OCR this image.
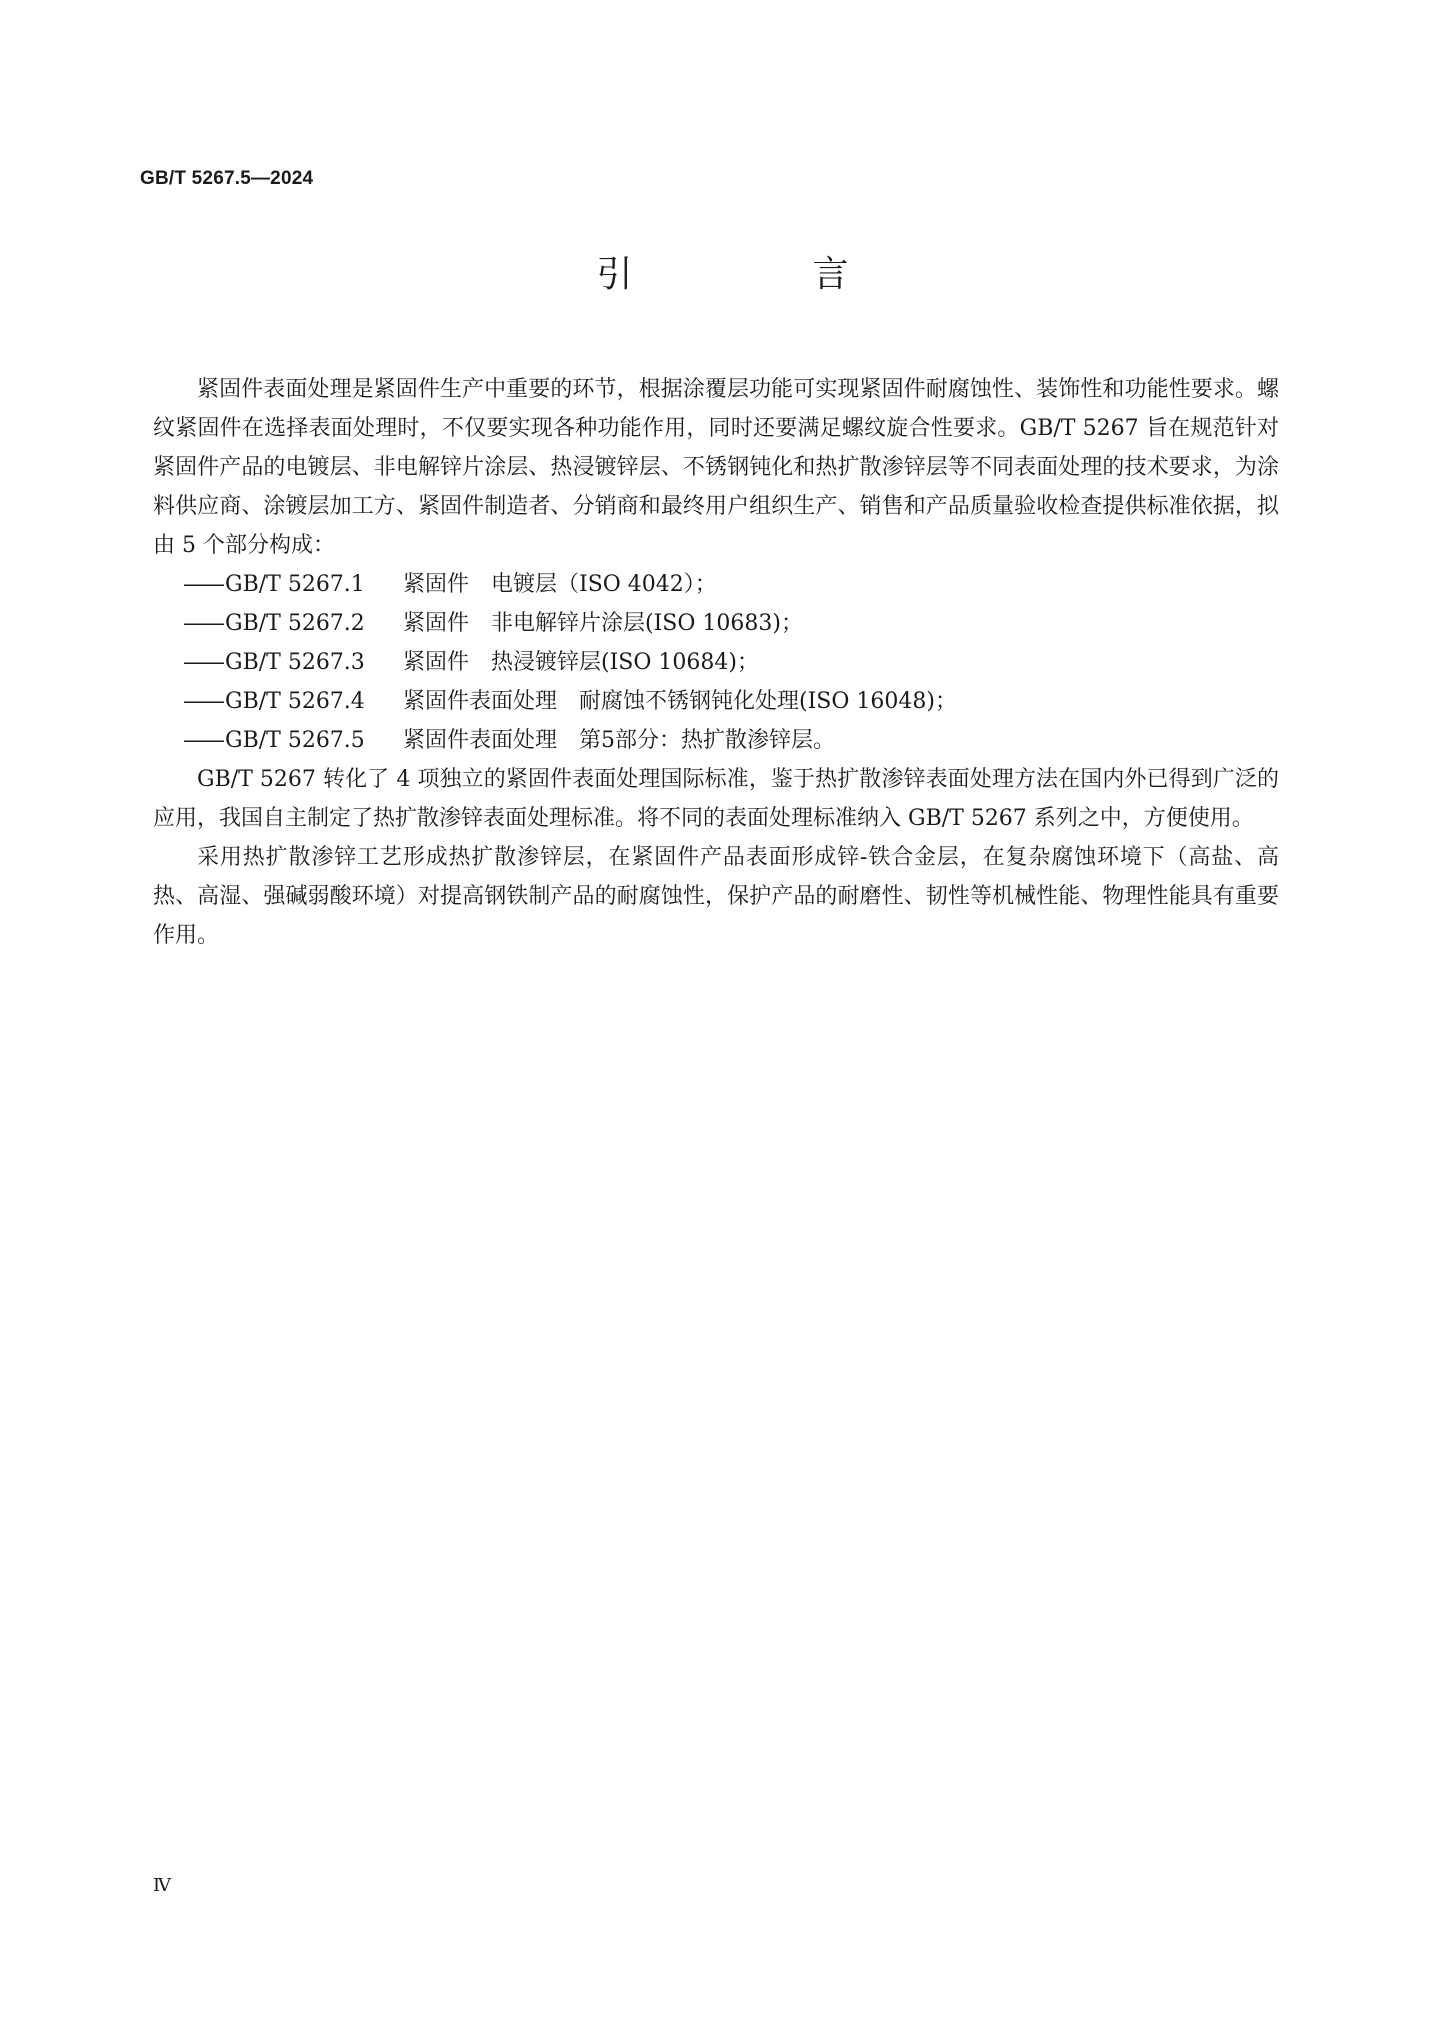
GB/T 5267.5—2024
引　言

紧固件表面处理是紧固件生产中重要的环节，根据涂覆层功能可实现紧固件耐腐蚀性、装饰性和功能性要求。螺纹紧固件在选择表面处理时，不仅要实现各种功能作用，同时还要满足螺纹旋合性要求。GB/T 5267 旨在规范针对紧固件产品的电镀层、非电解锌片涂层、热浸镀锌层、不锈钢钝化和热扩散渗锌层等不同表面处理的技术要求，为涂料供应商、涂镀层加工方、紧固件制造者、分销商和最终用户组织生产、销售和产品质量验收检查提供标准依据，拟由 5 个部分构成：

——GB/T 5267.1 紧固件　电镀层（ISO 4042）；
——GB/T 5267.2 紧固件　非电解锌片涂层(ISO 10683)；
——GB/T 5267.3 紧固件　热浸镀锌层(ISO 10684)；
——GB/T 5267.4 紧固件表面处理　耐腐蚀不锈钢钝化处理(ISO 16048)；
——GB/T 5267.5 紧固件表面处理　第5部分：热扩散渗锌层。

GB/T 5267 转化了 4 项独立的紧固件表面处理国际标准，鉴于热扩散渗锌表面处理方法在国内外已得到广泛的应用，我国自主制定了热扩散渗锌表面处理标准。将不同的表面处理标准纳入 GB/T 5267 系列之中，方便使用。

采用热扩散渗锌工艺形成热扩散渗锌层，在紧固件产品表面形成锌-铁合金层，在复杂腐蚀环境下（高盐、高热、高湿、强碱弱酸环境）对提高钢铁制产品的耐腐蚀性，保护产品的耐磨性、韧性等机械性能、物理性能具有重要作用。

Ⅳ
